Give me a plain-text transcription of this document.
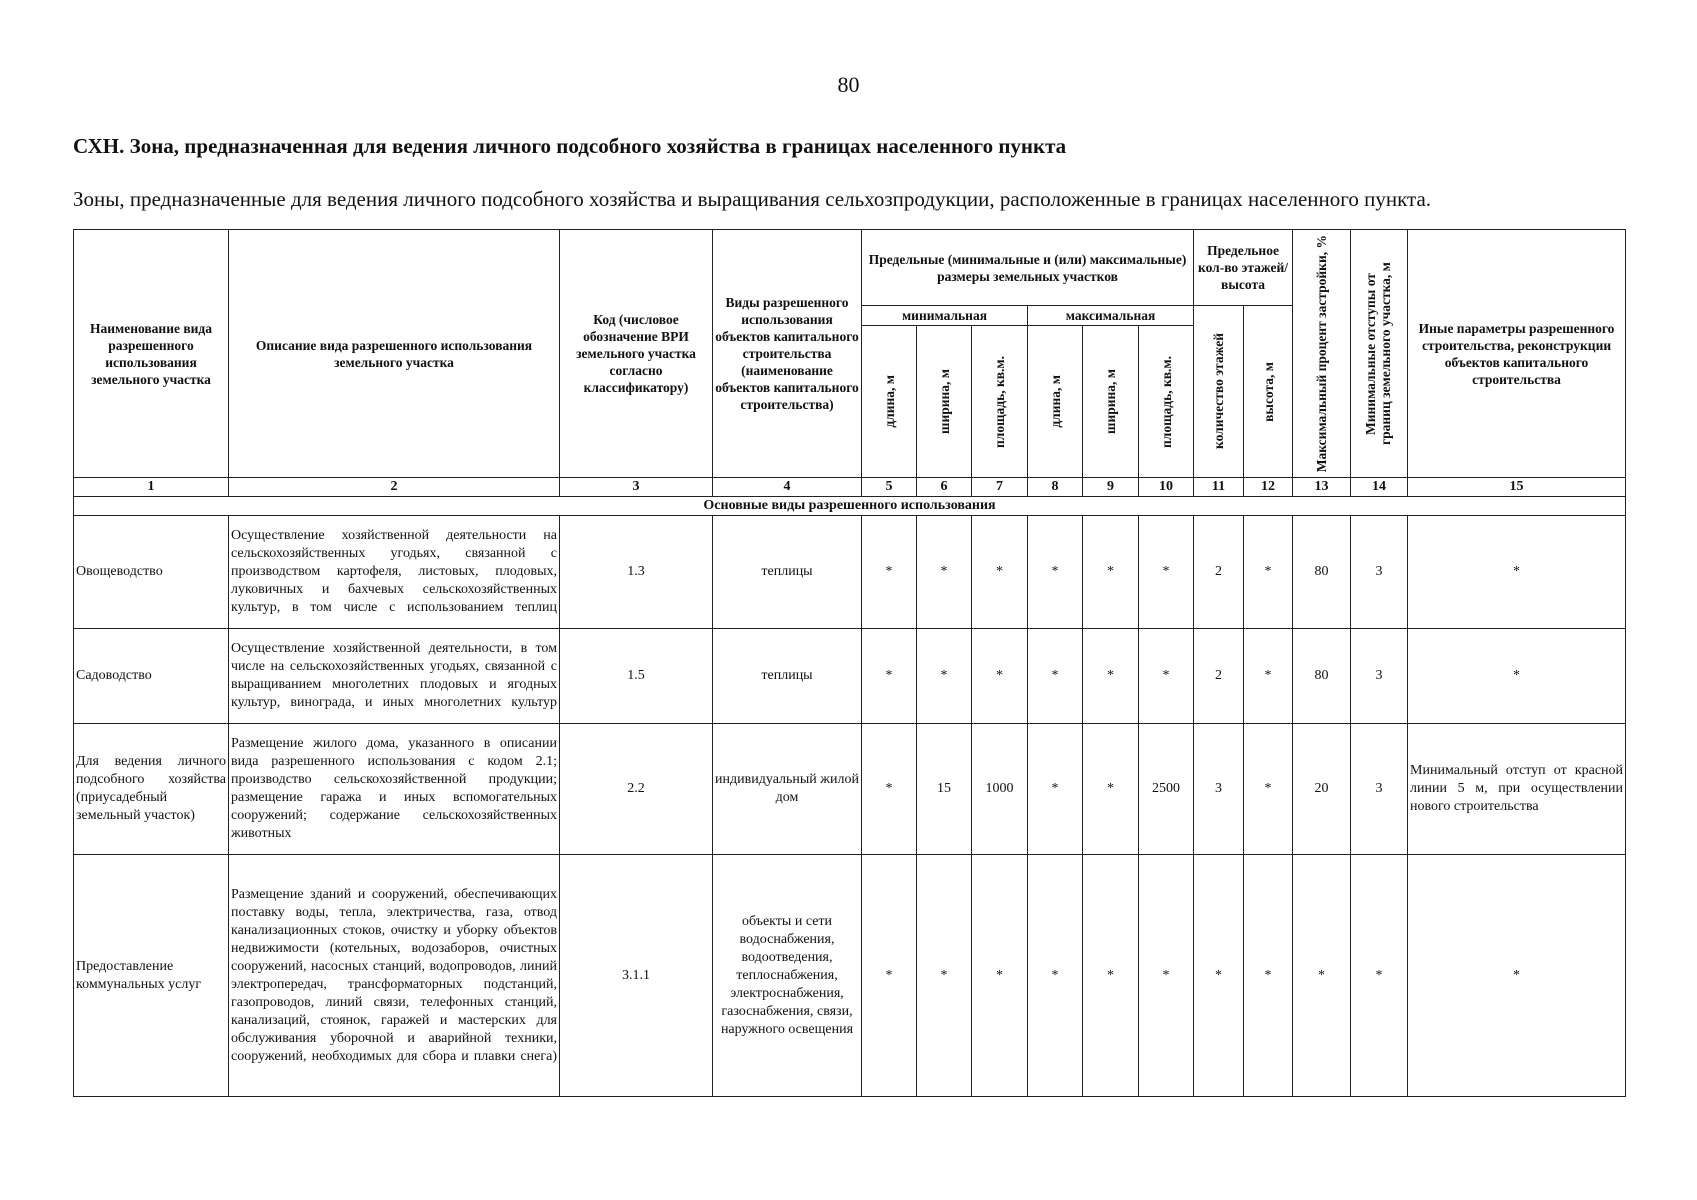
80
СХН. Зона, предназначенная для ведения личного подсобного хозяйства в границах населенного пункта
Зоны, предназначенные для ведения личного подсобного хозяйства и выращивания сельхозпродукции, расположенные в границах населенного пункта.
Наименование вида разрешенного использования земельного участка	Описание вида разрешенного использования земельного участка	Код (числовое обозначение ВРИ земельного участка согласно классификатору)	Виды разрешенного использования объектов капитального строительства (наименование объектов капитального строительства)	Предельные (минимальные и (или) максимальные) размеры земельных участков						Предельное кол-во этажей/ высота		Максимальный процент застройки, %	Минимальные отступы от границ земельного участка, м	Иные параметры разрешенного строительства, реконструкции объектов капитального строительства
				минимальная			максимальная			количество этажей	высота, м			

				длина, м	ширина, м	площадь, кв.м.	длина, м	ширина, м	площадь, кв.м.					

1	2	3	4	5	6	7	8	9	10	11	12	13	14	15
Основные виды разрешенного использования														
Овощеводство	Осуществление хозяйственной деятельности на сельскохозяйственных угодьях, связанной с производством картофеля, листовых, плодовых, луковичных и бахчевых сельскохозяйственных культур, в том числе с использованием теплиц	1.3	теплицы	*	*	*	*	*	*	2	*	80	3	*
Садоводство	Осуществление хозяйственной деятельности, в том числе на сельскохозяйственных угодьях, связанной с выращиванием многолетних плодовых и ягодных культур, винограда, и иных многолетних культур	1.5	теплицы	*	*	*	*	*	*	2	*	80	3	*
Для ведения личного подсобного хозяйства (приусадебный земельный участок)	Размещение жилого дома, указанного в описании вида разрешенного использования с кодом 2.1; производство сельскохозяйственной продукции; размещение гаража и иных вспомогательных сооружений; содержание сельскохозяйственных животных	2.2	индивидуальный жилой дом	*	15	1000	*	*	2500	3	*	20	3	Минимальный отступ от красной линии 5 м, при осуществлении нового строительства
Предоставление коммунальных услуг	Размещение зданий и сооружений, обеспечивающих поставку воды, тепла, электричества, газа, отвод канализационных стоков, очистку и уборку объектов недвижимости (котельных, водозаборов, очистных сооружений, насосных станций, водопроводов, линий электропередач, трансформаторных подстанций, газопроводов, линий связи, телефонных станций, канализаций, стоянок, гаражей и мастерских для обслуживания уборочной и аварийной техники, сооружений, необходимых для сбора и плавки снега)	3.1.1	объекты и сети водоснабжения, водоотведения, теплоснабжения, электроснабжения, газоснабжения, связи, наружного освещения	*	*	*	*	*	*	*	*	*	*	*
